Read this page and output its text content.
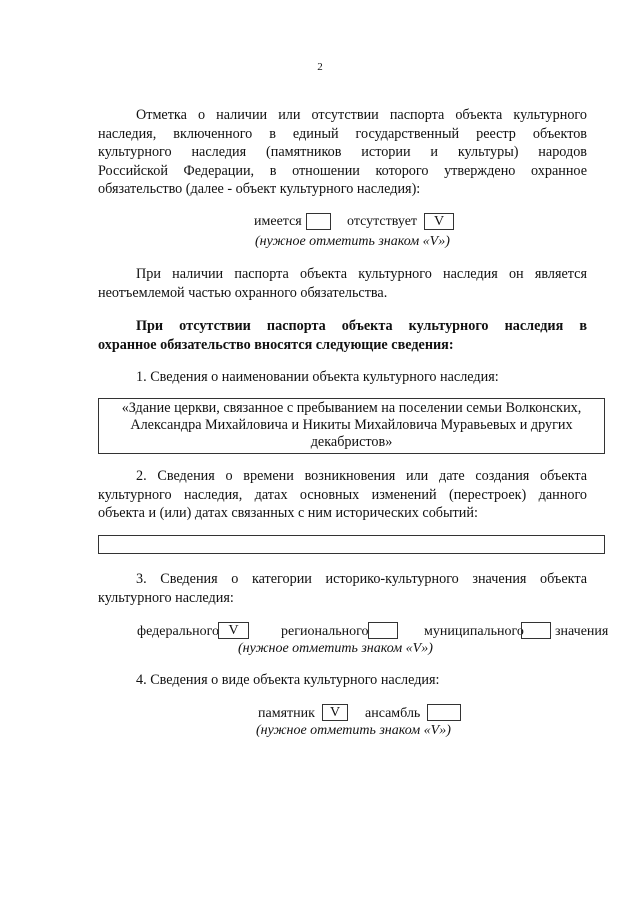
2
Отметка о наличии или отсутствии паспорта объекта культурного
наследия, включенного в единый государственный реестр объектов
культурного наследия (памятников истории и культуры) народов
Российской Федерации, в отношении которого утверждено охранное
обязательство (далее - объект культурного наследия):
имеется	отсутствует	V
(нужное отметить знаком «V»)
При наличии паспорта объекта культурного наследия он является
неотъемлемой частью охранного обязательства.
При отсутствии паспорта объекта культурного наследия в
охранное обязательство вносятся следующие сведения:
1. Сведения о наименовании объекта культурного наследия:
«Здание церкви, связанное с пребыванием на поселении семьи Волконских,
Александра Михайловича и Никиты Михайловича Муравьевых и других
декабристов»
2. Сведения о времени возникновения или дате создания объекта
культурного наследия, датах основных изменений (перестроек) данного
объекта и (или) датах связанных с ним исторических событий:
3. Сведения о категории историко-культурного значения объекта
культурного наследия:
федерального V	регионального	муниципального значения
(нужное отметить знаком «V»)
4. Сведения о виде объекта культурного наследия:
памятник	V	ансамбль
(нужное отметить знаком «V»)
